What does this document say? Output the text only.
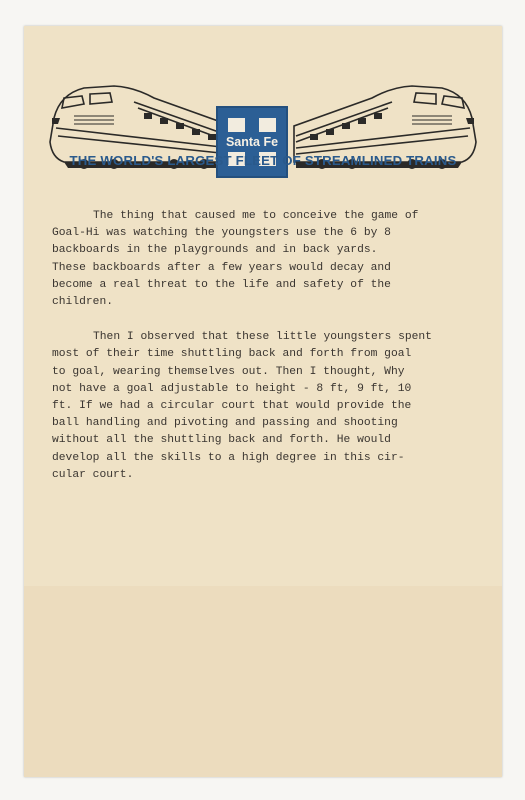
Santa Fe
THE WORLD'S LARGEST FLEET OF STREAMLINED TRAINS

The thing that caused me to conceive the game of
Goal-Hi was watching the youngsters use the 6 by 8
backboards in the playgrounds and in back yards.
These backboards after a few years would decay and
become a real threat to the life and safety of the
children.

Then I observed that these little youngsters spent
most of their time shuttling back and forth from goal
to goal, wearing themselves out. Then I thought, Why
not have a goal adjustable to height - 8 ft, 9 ft, 10
ft. If we had a circular court that would provide the
ball handling and pivoting and passing and shooting
without all the shuttling back and forth. He would
develop all the skills to a high degree in this cir-
cular court.
